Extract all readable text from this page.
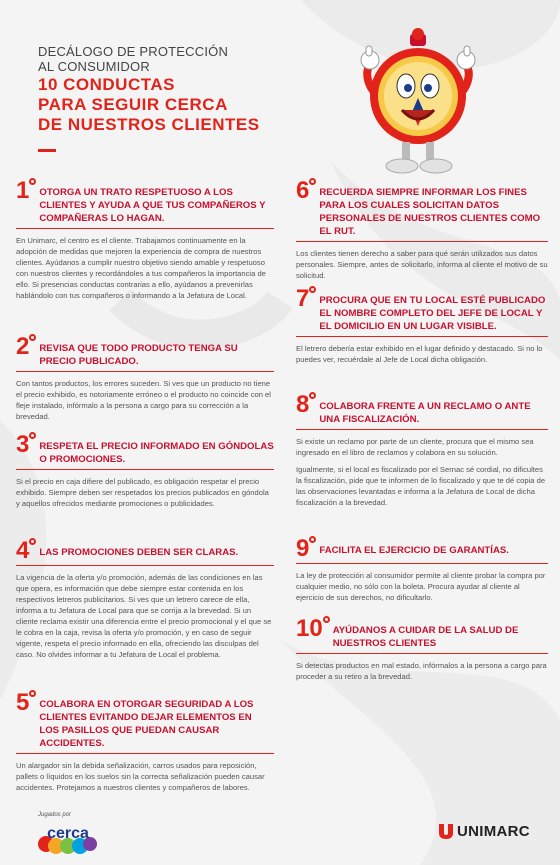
DECÁLOGO DE PROTECCIÓN
AL CONSUMIDOR
10 CONDUCTAS
PARA SEGUIR CERCA
DE NUESTROS CLIENTES
1	OTORGA UN TRATO RESPETUOSO A LOS CLIENTES Y AYUDA A QUE TUS COMPAÑEROS Y COMPAÑERAS LO HAGAN.

En Unimarc, el centro es el cliente. Trabajamos continuamente en la adopción de medidas que mejoren la experiencia de compra de nuestros clientes. Ayúdanos a cumplir nuestro objetivo siendo amable y respetuoso con nuestros clientes y recordándoles a tus compañeros la importancia de ello. Si presencias conductas contrarias a ello, ayúdanos a prevenirlas hablándolo con tus compañeros o informando a la Jefatura de Local.

2	REVISA QUE TODO PRODUCTO TENGA SU PRECIO PUBLICADO.

Con tantos productos, los errores suceden. Si ves que un producto no tiene el precio exhibido, es notoriamente erróneo o el producto no coincide con el fleje instalado, infórmalo a la persona a cargo para su corrección a la brevedad.

3	RESPETA EL PRECIO INFORMADO EN GÓNDOLAS O PROMOCIONES.

Si el precio en caja difiere del publicado, es obligación respetar el precio exhibido. Siempre deben ser respetados los precios publicados en góndola y aquellos ofrecidos mediante promociones o publicidades.

4	LAS PROMOCIONES DEBEN SER CLARAS.

La vigencia de la oferta y/o promoción, además de las condiciones en las que opera, es información que debe siempre estar contenida en los respectivos letreros publicitarios. Si ves que un letrero carece de ella, informa a tu Jefatura de Local para que se corrija a la brevedad. Si un cliente reclama existir una diferencia entre el precio promocional y el que se le cobra en la caja, revisa la oferta y/o promoción, y en caso de seguir vigente, respeta el precio informado en ella, ofreciendo las disculpas del caso. No olvides informar a tu Jefatura de Local el problema.

5	COLABORA EN OTORGAR SEGURIDAD A LOS CLIENTES EVITANDO DEJAR ELEMENTOS EN LOS PASILLOS QUE PUEDAN CAUSAR ACCIDENTES.

Un alargador sin la debida señalización, carros usados para reposición, pallets o líquidos en los suelos sin la correcta señalización pueden causar accidentes. Protejamos a nuestros clientes y compañeros de labores.

6	RECUERDA SIEMPRE INFORMAR LOS FINES PARA LOS CUALES SOLICITAN DATOS PERSONALES DE NUESTROS CLIENTES COMO EL RUT.

Los clientes tienen derecho a saber para qué serán utilizados sus datos personales. Siempre, antes de solicitarlo, informa al cliente el motivo de su solicitud.

7	PROCURA QUE EN TU LOCAL ESTÉ PUBLICADO EL NOMBRE COMPLETO DEL JEFE DE LOCAL Y EL DOMICILIO EN UN LUGAR VISIBLE.

El letrero debería estar exhibido en el lugar definido y destacado. Si no lo puedes ver, recuérdale al Jefe de Local dicha obligación.

8	COLABORA FRENTE A UN RECLAMO O ANTE UNA FISCALIZACIÓN.

Si existe un reclamo por parte de un cliente, procura que el mismo sea ingresado en el libro de reclamos y colabora en su solución.

Igualmente, si el local es fiscalizado por el Sernac sé cordial, no dificultes la fiscalización, pide que te informen de lo fiscalizado y que te dé copia de las observaciones levantadas e informa a la Jefatura de Local de dicha fiscalización a la brevedad.

9	FACILITA EL EJERCICIO DE GARANTÍAS.

La ley de protección al consumidor permite al cliente probar la compra por cualquier medio, no sólo con la boleta. Procura ayudar al cliente al ejercicio de sus derechos, no dificultarlo.

10	AYÚDANOS A CUIDAR DE LA SALUD DE NUESTROS CLIENTES

Si detectas productos en mal estado, infórmalos a la persona a cargo para proceder a su retiro a la brevedad.

Jugados por
cerca	UNIMARC
